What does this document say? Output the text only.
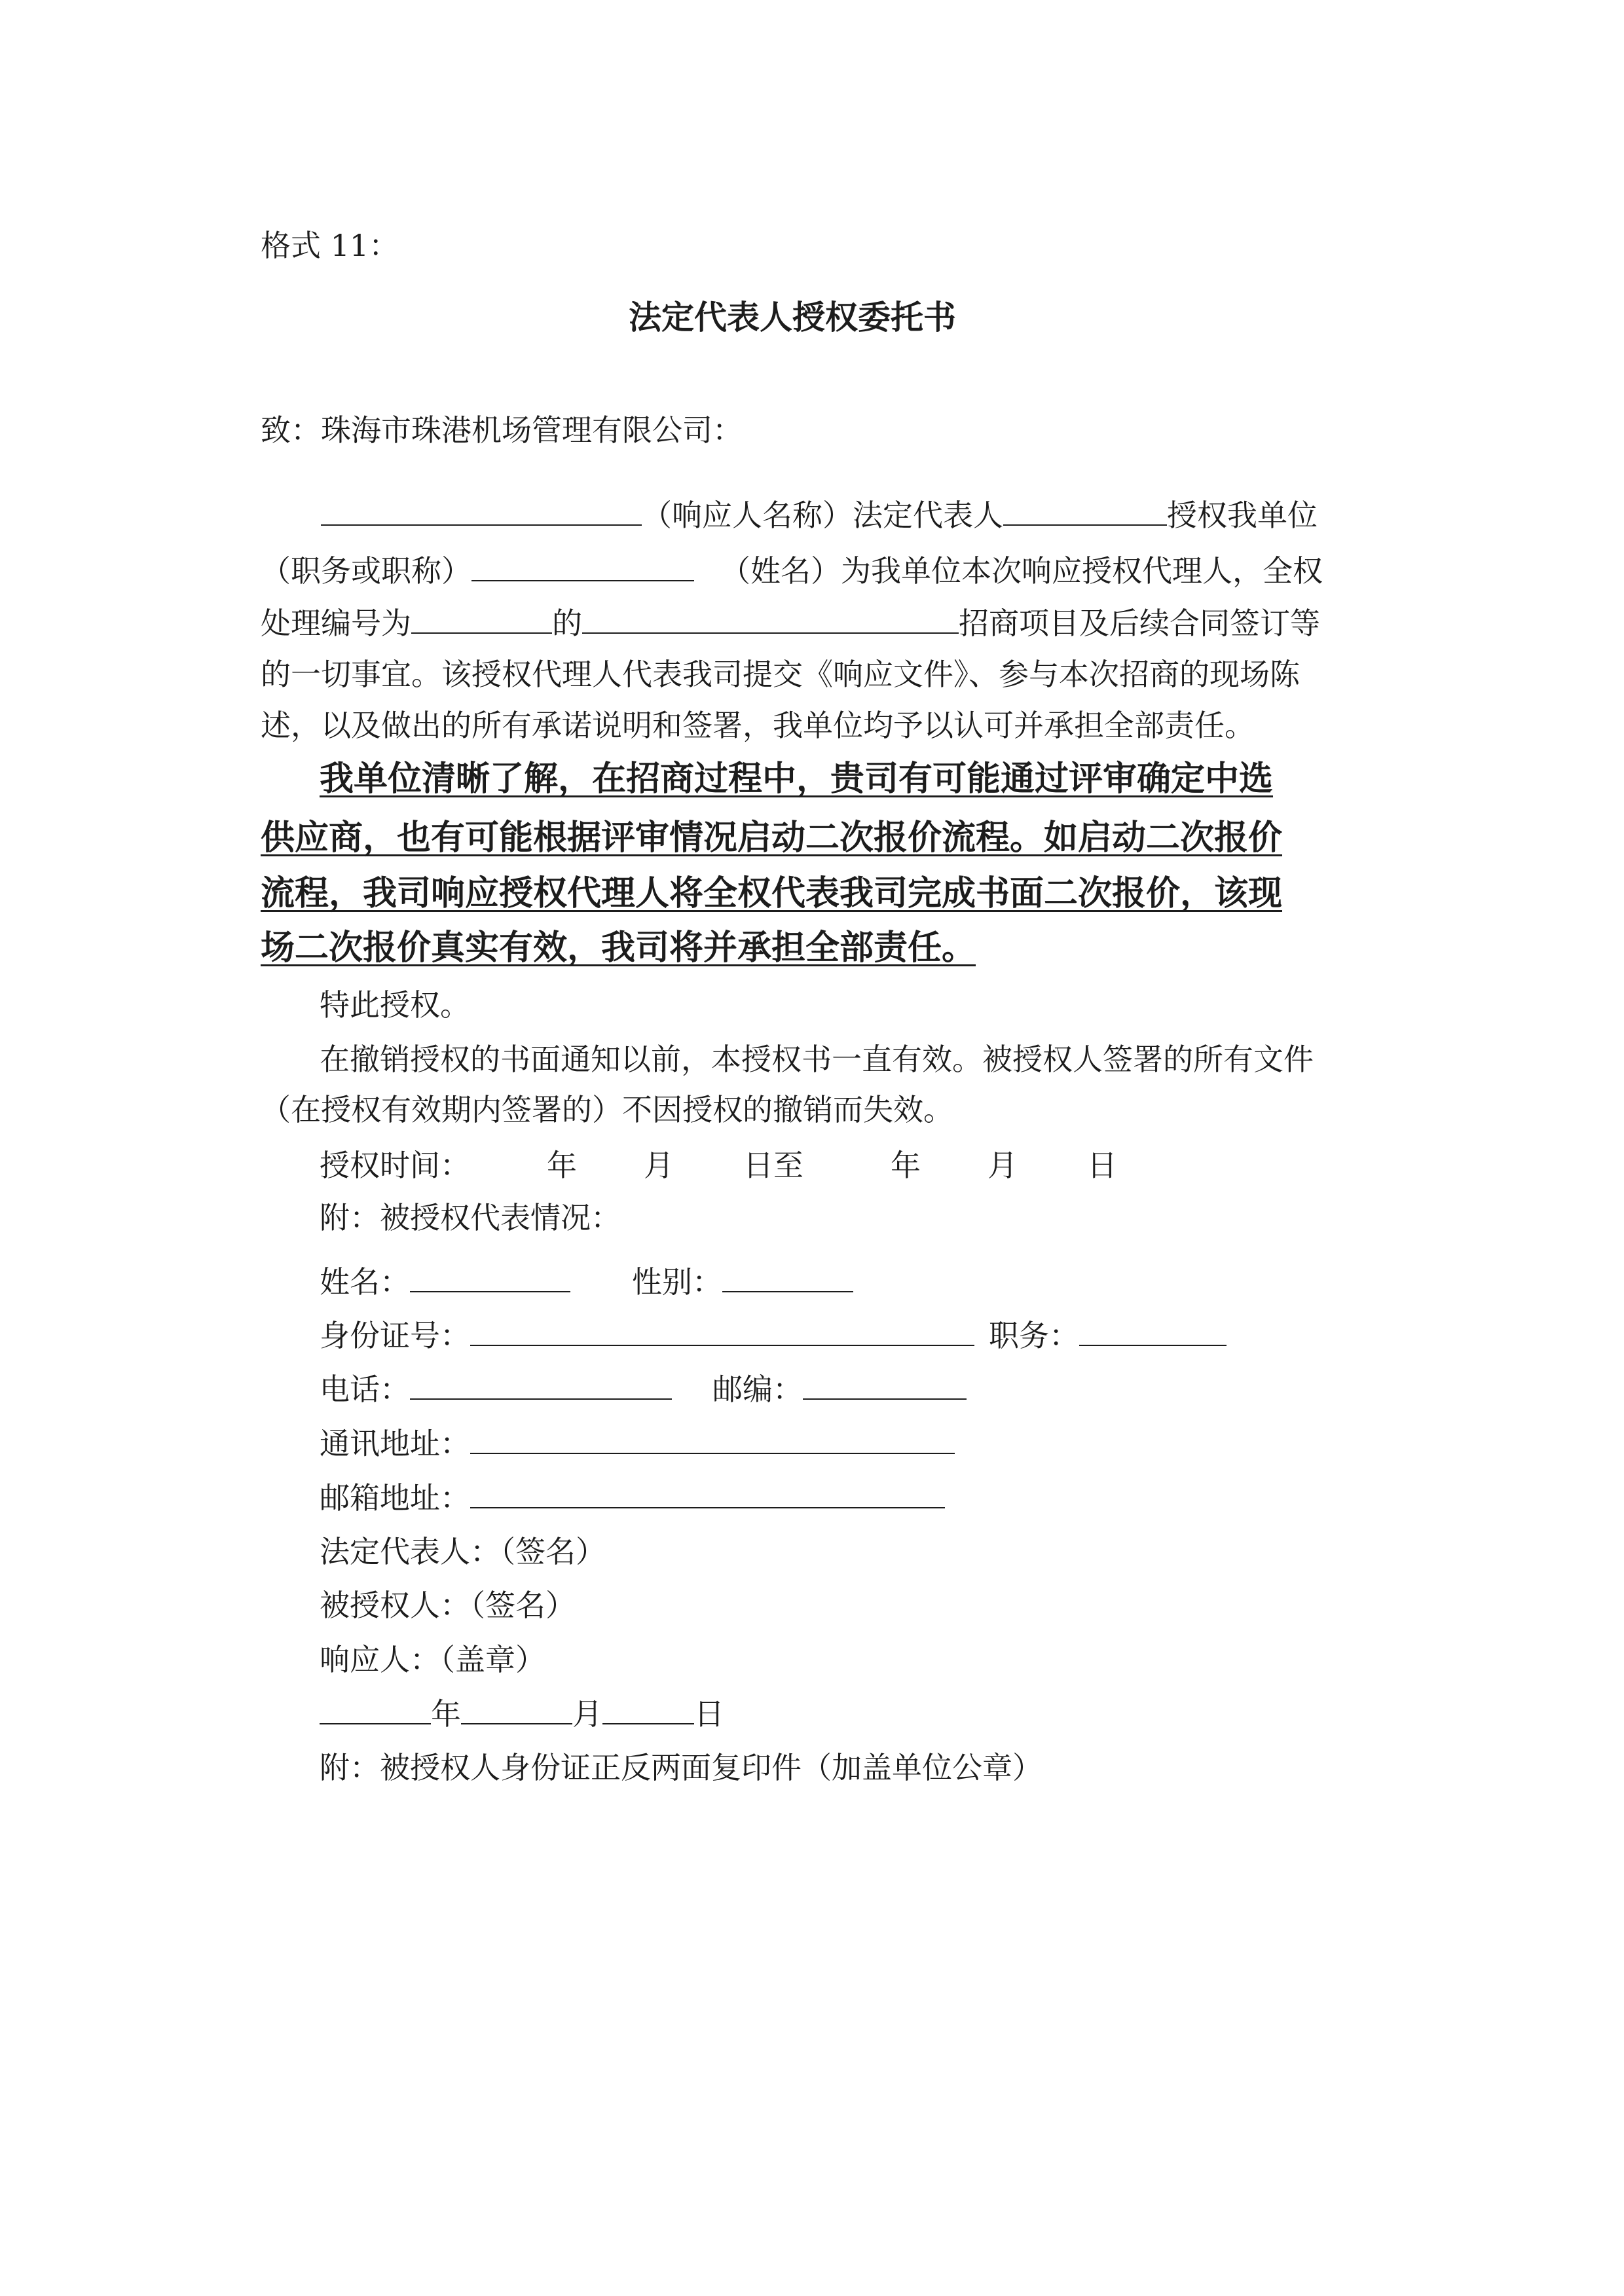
格式 11：
法定代表人授权委托书
致：珠海市珠港机场管理有限公司：
（响应人名称）法定代表人	授权我单位
（职务或职称）	（姓名）为我单位本次响应授权代理人，全权
处理编号为	的	招商项目及后续合同签订等
的一切事宜。该授权代理人代表我司提交《响应文件》、参与本次招商的现场陈
述，以及做出的所有承诺说明和签署，我单位均予以认可并承担全部责任。
我单位清晰了解，在招商过程中，贵司有可能通过评审确定中选
供应商，也有可能根据评审情况启动二次报价流程。如启动二次报价
流程，我司响应授权代理人将全权代表我司完成书面二次报价，该现
场二次报价真实有效，我司将并承担全部责任。
特此授权。
在撤销授权的书面通知以前，本授权书一直有效。被授权人签署的所有文件
（在授权有效期内签署的）不因授权的撤销而失效。
授权时间：	年 月 日至	年 月 日
附：被授权代表情况：
姓名：	性别：
身份证号：	职务：
电话：	邮编：
通讯地址：
邮箱地址：
法定代表人：（签名）
被授权人：（签名）
响应人：（盖章）
年	月	日
附：被授权人身份证正反两面复印件（加盖单位公章）
